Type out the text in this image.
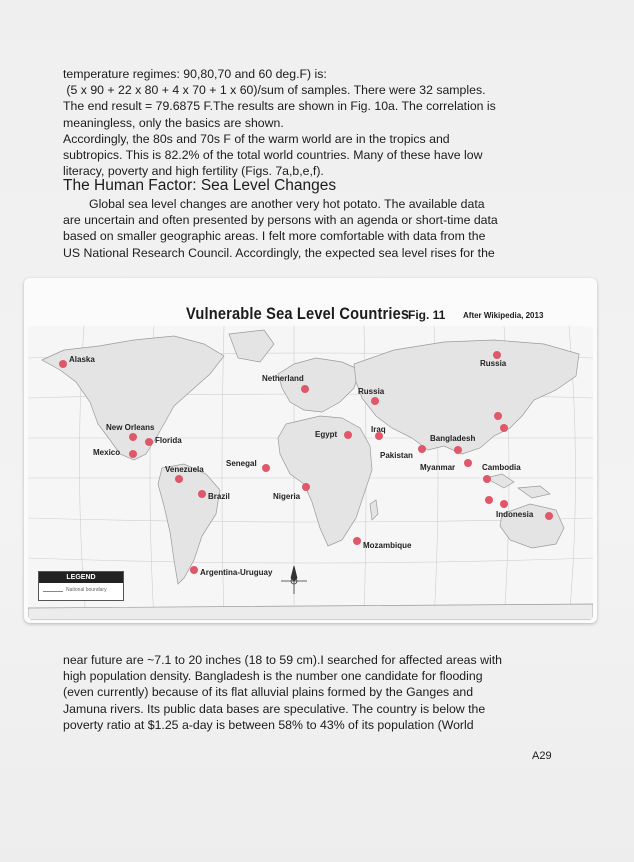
temperature regimes: 90,80,70 and 60 deg.F) is:
(5 x 90 + 22 x 80 + 4 x 70 + 1 x 60)/sum of samples. There were 32 samples.
The end result = 79.6875 F.The results are shown in Fig. 10a. The correlation is
meaningless, only the basics are shown.
Accordingly, the 80s and 70s F of the warm world are in the tropics and
subtropics. This is 82.2% of the total world countries. Many of these have low
literacy, poverty and high fertility (Figs. 7a,b,e,f).
The Human Factor: Sea Level Changes
Global sea level changes are another very hot potato. The available data
are uncertain and often presented by persons with an agenda or short-time data
based on smaller geographic areas. I felt more comfortable with data from the
US National Research Council. Accordingly, the expected sea level rises for the
Vulnerable Sea Level Countries
Fig. 11 After Wikipedia, 2013
Alaska	Russia
Netherland
Russia
New Orleans
Florida
Mexico
Egypt
Iraq
Bangladesh
Pakistan
Myanmar	Cambodia
Venezuela
Senegal
Brazil	Nigeria
Indonesia
Mozambique
Argentina-Uruguay
LEGEND
National boundary
near future are ~7.1 to 20 inches (18 to 59 cm).I searched for affected areas with
high population density. Bangladesh is the number one candidate for flooding
(even currently) because of its flat alluvial plains formed by the Ganges and
Jamuna rivers. Its public data bases are speculative. The country is below the
poverty ratio at $1.25 a-day is between 58% to 43% of its population (World
A29
